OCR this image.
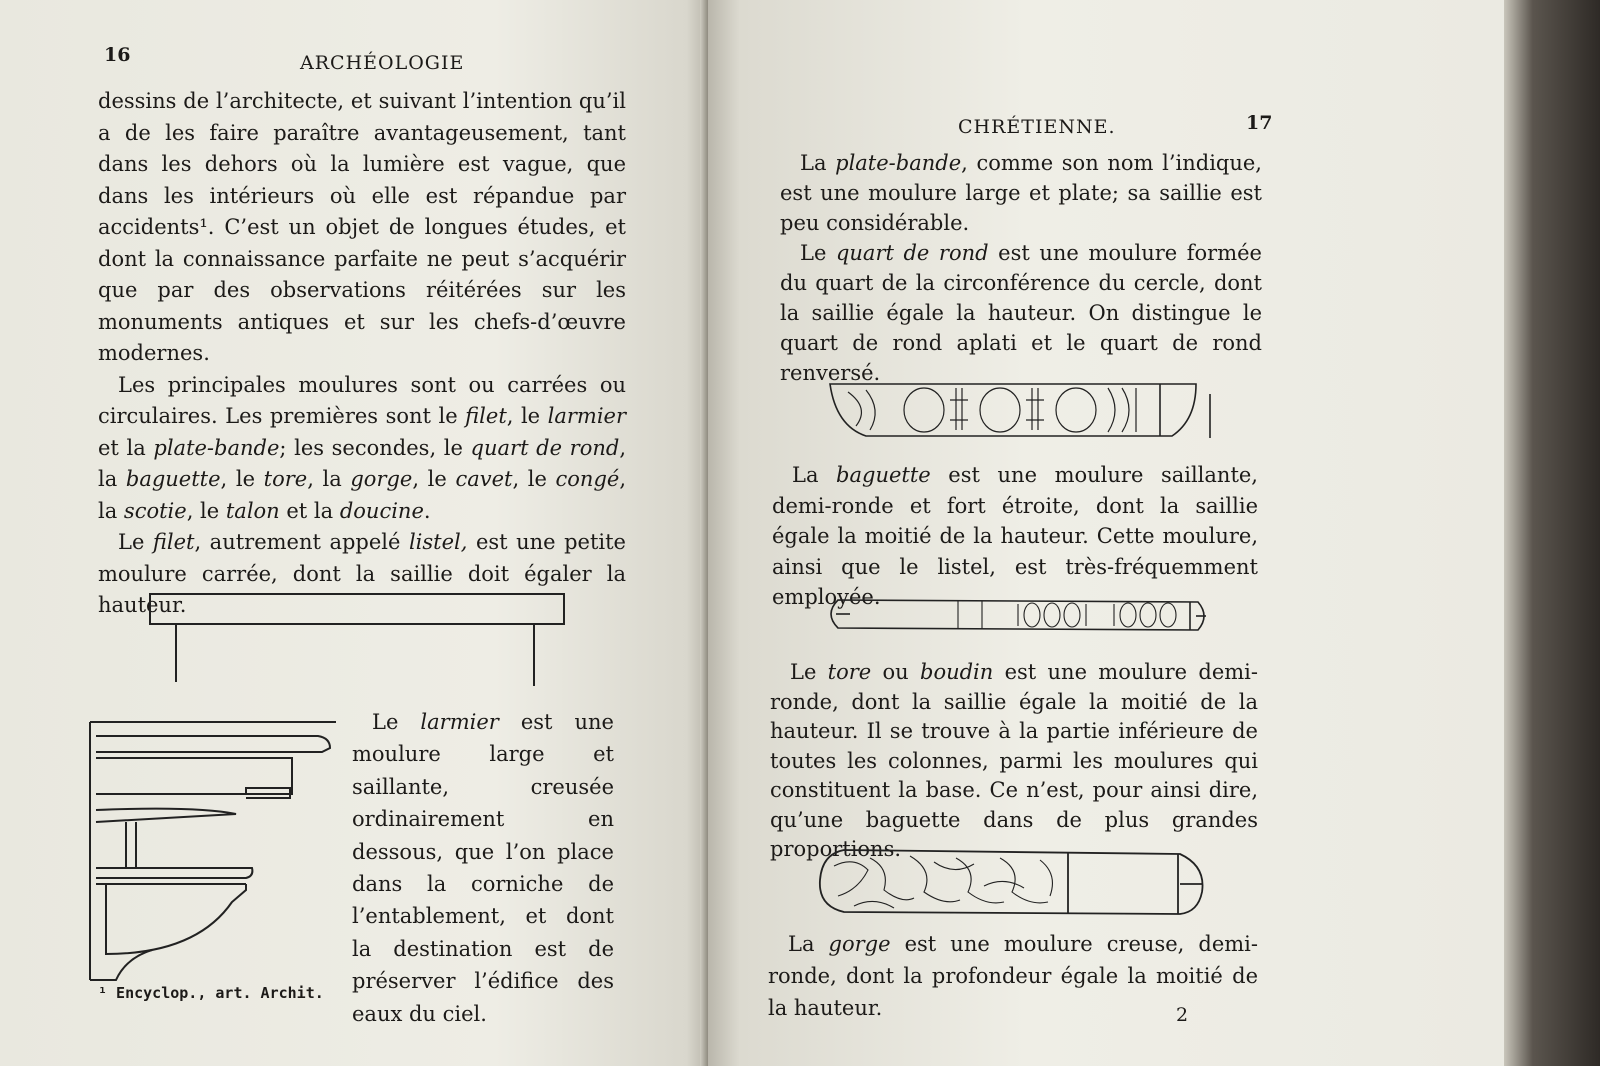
16	ARCHÉOLOGIE

dessins de l’architecte, et suivant l’intention qu’il a de les faire paraître avantageusement, tant dans les dehors où la lumière est vague, que dans les intérieurs où elle est répandue par accidents¹. C’est un objet de longues études, et dont la connaissance parfaite ne peut s’acquérir que par des observations réitérées sur les monuments antiques et sur les chefs-d’œuvre modernes.

Les principales moulures sont ou carrées ou circulaires. Les premières sont le filet, le larmier et la plate-bande; les secondes, le quart de rond, la baguette, le tore, la gorge, le cavet, le congé, la scotie, le talon et la doucine.

Le filet, autrement appelé listel, est une petite moulure carrée, dont la saillie doit égaler la hauteur.

Le larmier est une moulure large et saillante, creusée ordinairement en dessous, que l’on place dans la corniche de l’entablement, et dont la destination est de préserver l’édifice des eaux du ciel.

¹ Encyclop., art. Archit.
CHRÉTIENNE.	17

La plate-bande, comme son nom l’indique, est une moulure large et plate; sa saillie est peu considérable.

Le quart de rond est une moulure formée du quart de la circonférence du cercle, dont la saillie égale la hauteur. On distingue le quart de rond aplati et le quart de rond renversé.

La baguette est une moulure saillante, demi-ronde et fort étroite, dont la saillie égale la moitié de la hauteur. Cette moulure, ainsi que le listel, est très-fréquemment employée.

Le tore ou boudin est une moulure demi-ronde, dont la saillie égale la moitié de la hauteur. Il se trouve à la partie inférieure de toutes les colonnes, parmi les moulures qui constituent la base. Ce n’est, pour ainsi dire, qu’une baguette dans de plus grandes proportions.

La gorge est une moulure creuse, demi-ronde, dont la profondeur égale la moitié de la hauteur.	2
